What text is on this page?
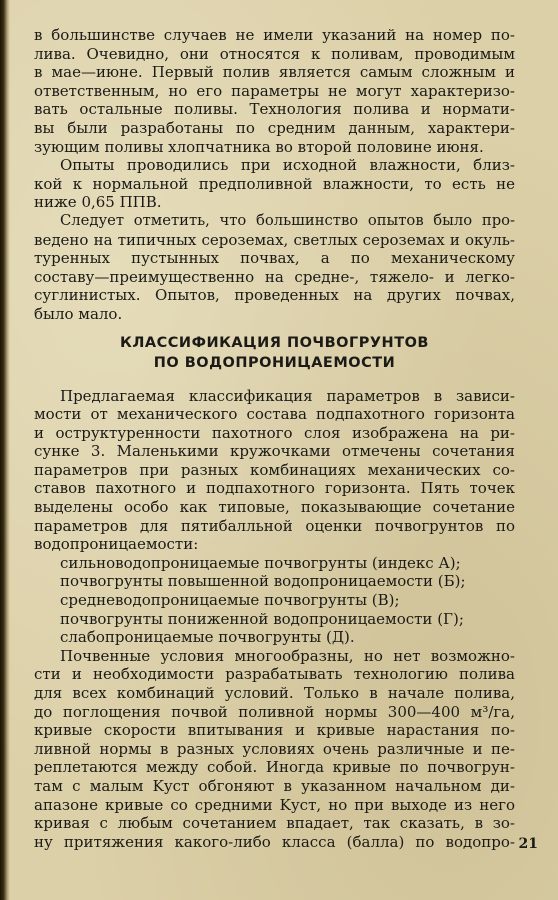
в большинстве случаев не имели указаний на номер по-
лива. Очевидно, они относятся к поливам, проводимым
в мае—июне. Первый полив является самым сложным и
ответственным, но его параметры не могут характеризо-
вать остальные поливы. Технология полива и нормати-
вы были разработаны по средним данным, характери-
зующим поливы хлопчатника во второй половине июня.
Опыты проводились при исходной влажности, близ-
кой к нормальной предполивной влажности, то есть не
ниже 0,65 ППВ.
Следует отметить, что большинство опытов было про-
ведено на типичных сероземах, светлых сероземах и окуль-
туренных пустынных почвах, а по механическому
составу—преимущественно на средне-, тяжело- и легко-
суглинистых. Опытов, проведенных на других почвах,
было мало.
КЛАССИФИКАЦИЯ ПОЧВОГРУНТОВ
ПО ВОДОПРОНИЦАЕМОСТИ
Предлагаемая классификация параметров в зависи-
мости от механического состава подпахотного горизонта
и оструктуренности пахотного слоя изображена на ри-
сунке 3. Маленькими кружочками отмечены сочетания
параметров при разных комбинациях механических со-
ставов пахотного и подпахотного горизонта. Пять точек
выделены особо как типовые, показывающие сочетание
параметров для пятибалльной оценки почвогрунтов по
водопроницаемости:
сильноводопроницаемые почвогрунты (индекс А);
почвогрунты повышенной водопроницаемости (Б);
средневодопроницаемые почвогрунты (В);
почвогрунты пониженной водопроницаемости (Г);
слабопроницаемые почвогрунты (Д).
Почвенные условия многообразны, но нет возможно-
сти и необходимости разрабатывать технологию полива
для всех комбинаций условий. Только в начале полива,
до поглощения почвой поливной нормы 300—400 м³/га,
кривые скорости впитывания и кривые нарастания по-
ливной нормы в разных условиях очень различные и пе-
реплетаются между собой. Иногда кривые по почвогрун-
там с малым Kуст обгоняют в указанном начальном ди-
апазоне кривые со средними Kуст, но при выходе из него
кривая с любым сочетанием впадает, так сказать, в зо-
ну притяжения какого-либо класса (балла) по водопро- 21
